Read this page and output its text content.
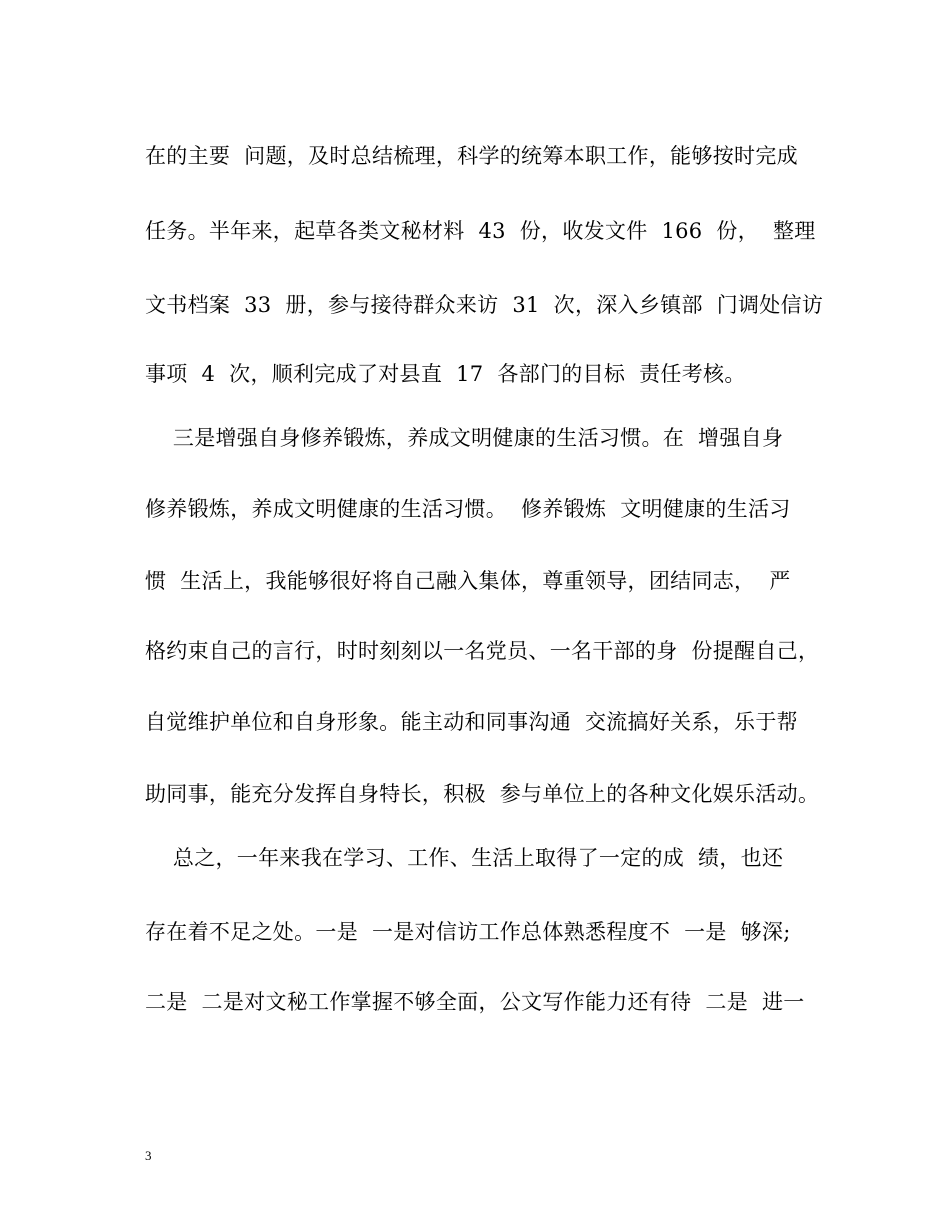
在的主要  问题，及时总结梳理，科学的统筹本职工作，能够按时完成
任务。半年来，起草各类文秘材料  43  份，收发文件  166  份，  整理
文书档案  33  册，参与接待群众来访  31  次，深入乡镇部  门调处信访
事项  4  次，顺利完成了对县直  17  各部门的目标  责任考核。
三是增强自身修养锻炼，养成文明健康的生活习惯。在  增强自身
修养锻炼，养成文明健康的生活习惯。  修养锻炼  文明健康的生活习
惯  生活上，我能够很好将自己融入集体，尊重领导，团结同志，  严
格约束自己的言行，时时刻刻以一名党员、一名干部的身  份提醒自己，
自觉维护单位和自身形象。能主动和同事沟通  交流搞好关系，乐于帮
助同事，能充分发挥自身特长，积极  参与单位上的各种文化娱乐活动。
总之，一年来我在学习、工作、生活上取得了一定的成  绩，也还
存在着不足之处。一是  一是对信访工作总体熟悉程度不  一是  够深;
二是  二是对文秘工作掌握不够全面，公文写作能力还有待  二是  进一
3
